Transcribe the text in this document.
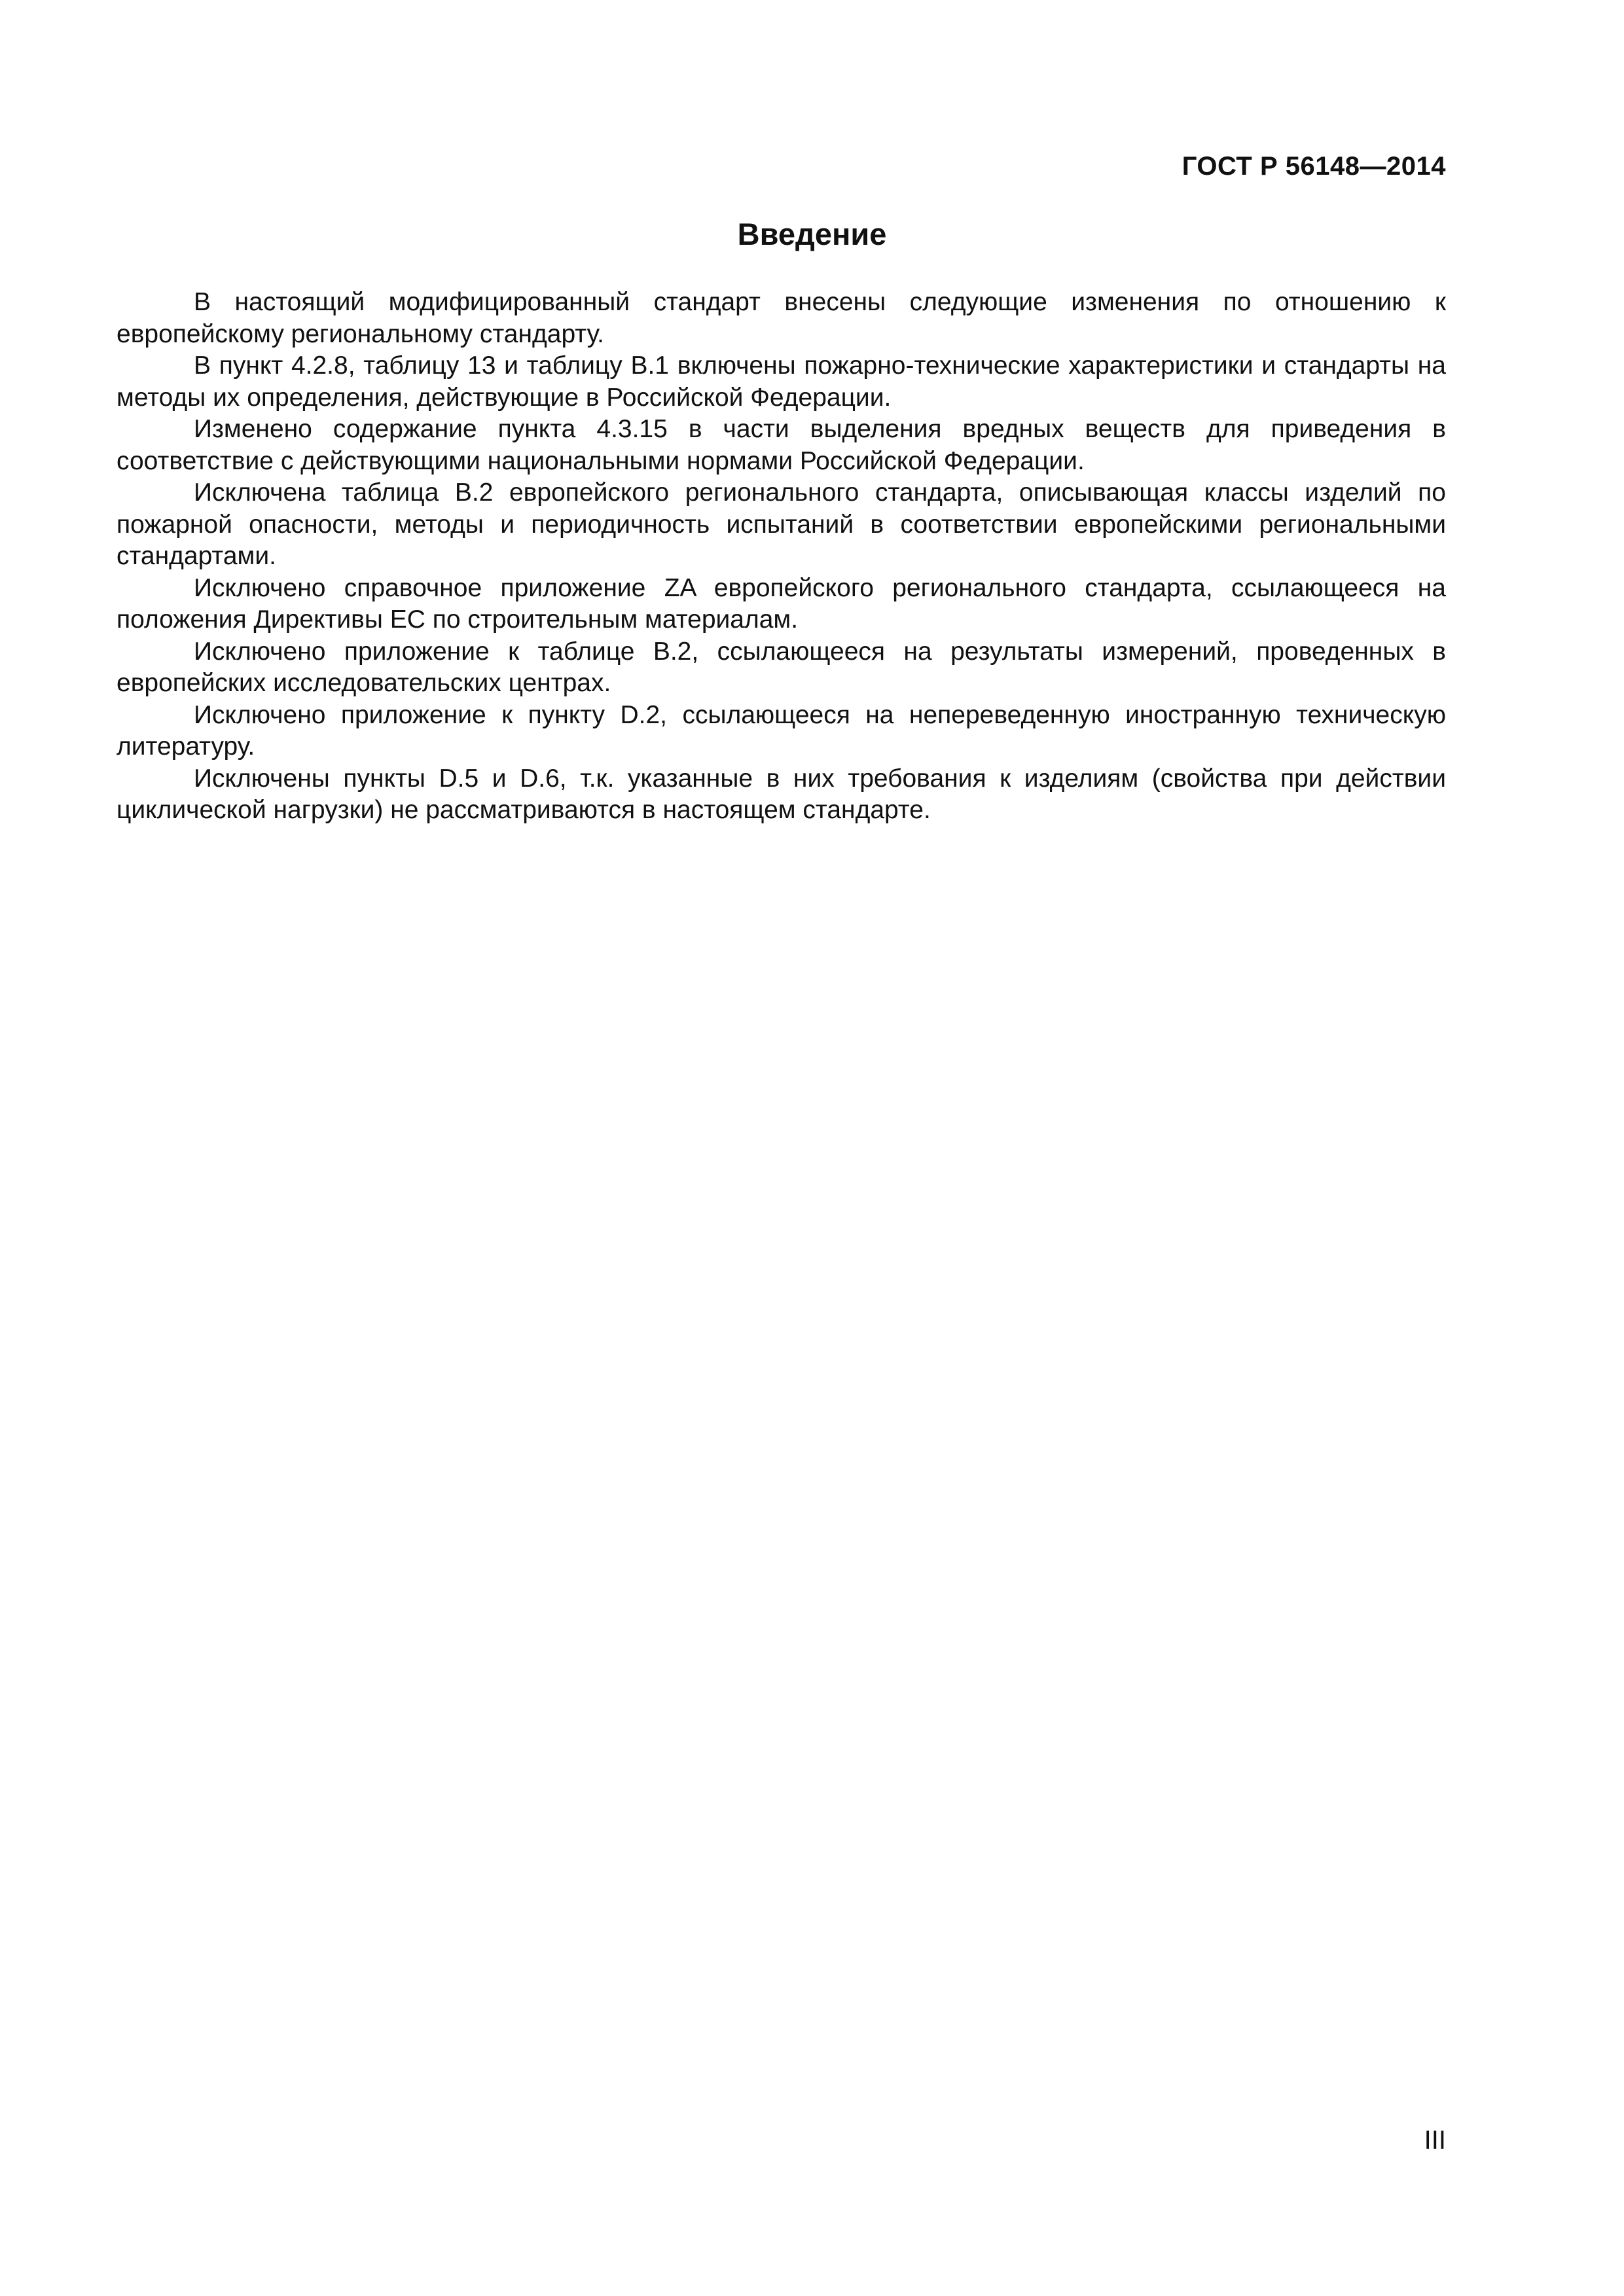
ГОСТ Р 56148—2014

Введение

В настоящий модифицированный стандарт внесены следующие изменения по отношению к европейскому региональному стандарту.

В пункт 4.2.8, таблицу 13 и таблицу В.1 включены пожарно-технические характеристики и стандарты на методы их определения, действующие в Российской Федерации.

Изменено содержание пункта 4.3.15 в части выделения вредных веществ для приведения в соответствие с действующими национальными нормами Российской Федерации.

Исключена таблица В.2 европейского регионального стандарта, описывающая классы изделий по пожарной опасности, методы и периодичность испытаний в соответствии европейскими региональными стандартами.

Исключено справочное приложение ZA европейского регионального стандарта, ссылающееся на положения Директивы ЕС по строительным материалам.

Исключено приложение к таблице В.2, ссылающееся на результаты измерений, проведенных в европейских исследовательских центрах.

Исключено приложение к пункту D.2, ссылающееся на непереведенную иностранную техническую литературу.

Исключены пункты D.5 и D.6, т.к. указанные в них требования к изделиям (свойства при действии циклической нагрузки) не рассматриваются в настоящем стандарте.

III
